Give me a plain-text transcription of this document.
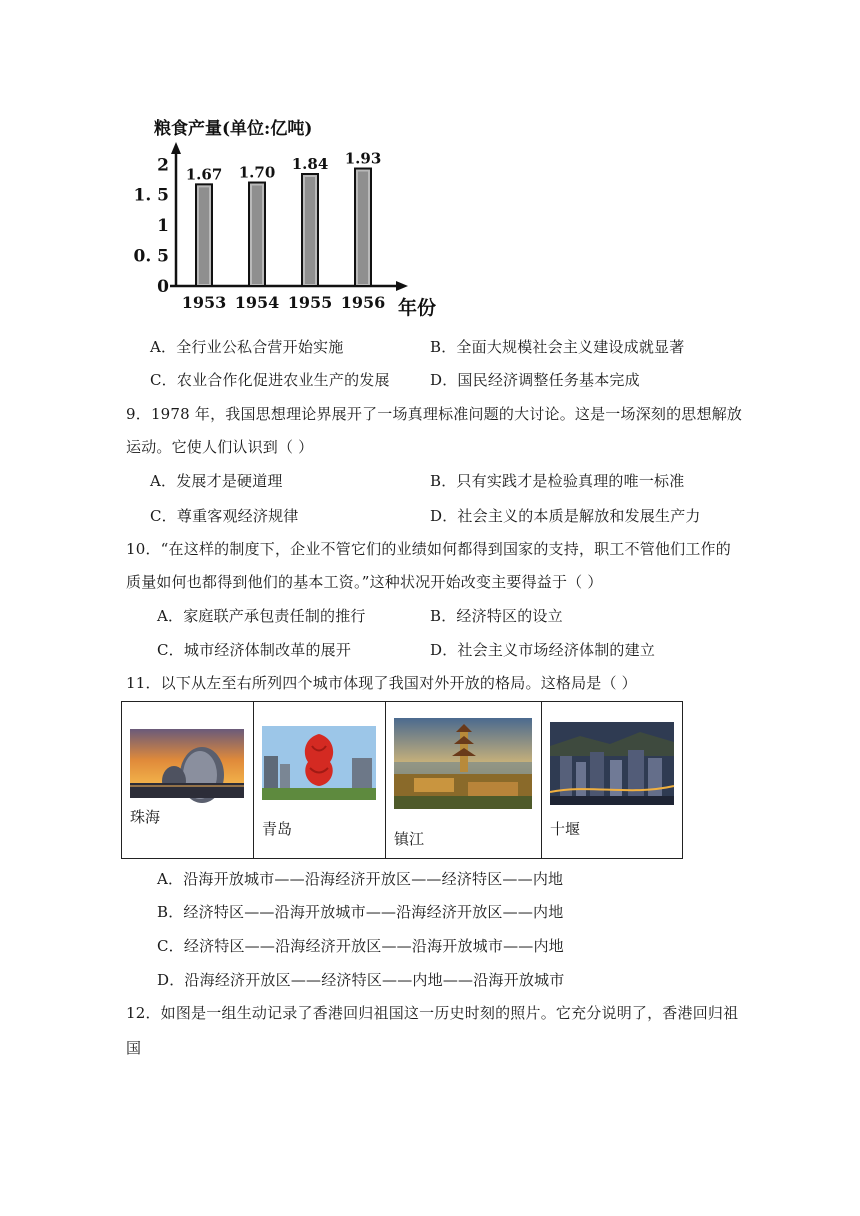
粮食产量(单位:亿吨)
年份
0
0. 5
1
1. 5
2 1.67 1.70 1.84 1.93
1953 1954 1955 1956
A．全行业公私合营开始实施	B．全面大规模社会主义建设成就显著
C．农业合作化促进农业生产的发展	D．国民经济调整任务基本完成
9．1978 年，我国思想理论界展开了一场真理标准问题的大讨论。这是一场深刻的思想解放
运动。它使人们认识到（ ）
A．发展才是硬道理	B．只有实践才是检验真理的唯一标准
C．尊重客观经济规律	D．社会主义的本质是解放和发展生产力
10．“在这样的制度下，企业不管它们的业绩如何都得到国家的支持，职工不管他们工作的
质量如何也都得到他们的基本工资。”这种状况开始改变主要得益于（ ）
A．家庭联产承包责任制的推行	B．经济特区的设立
C．城市经济体制改革的展开	D．社会主义市场经济体制的建立
11．以下从左至右所列四个城市体现了我国对外开放的格局。这格局是（ ）
珠海
青岛
镇江
十堰
A．沿海开放城市——沿海经济开放区——经济特区——内地
B．经济特区——沿海开放城市——沿海经济开放区——内地
C．经济特区——沿海经济开放区——沿海开放城市——内地
D．沿海经济开放区——经济特区——内地——沿海开放城市
12．如图是一组生动记录了香港回归祖国这一历史时刻的照片。它充分说明了，香港回归祖
国
